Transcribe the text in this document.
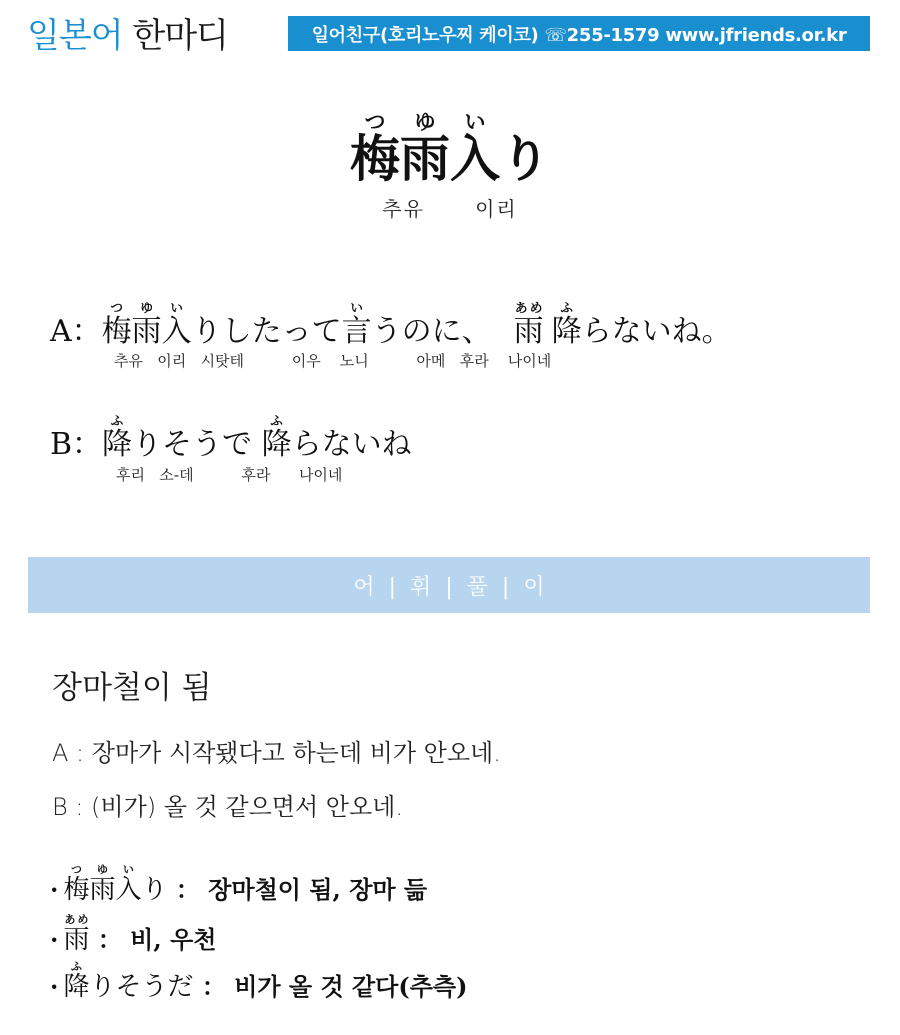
일본어 한마디	일어친구(호리노우찌 케이코) ☏255-1579 www.jfriends.or.kr
梅雨つゆ入いり
추유      이리
A：梅雨つゆ入いりしたって言いうのに、 雨あめ降ふらないね。
추유   이리   시탓테          이우    노니          아메   후라    나이네
B：降ふりそうで 降ふらないね
후리   소-데          후라      나이네
어  |  휘  |  풀  |  이
장마철이 됨
A : 장마가 시작됐다고 하는데 비가 안오네.
B : (비가) 올 것 같으면서 안오네.
· 梅雨つゆ入いり ： 장마철이 됨, 장마 듦
· 雨あめ ： 비, 우천
· 降ふりそうだ ： 비가 올 것 같다(추측)
